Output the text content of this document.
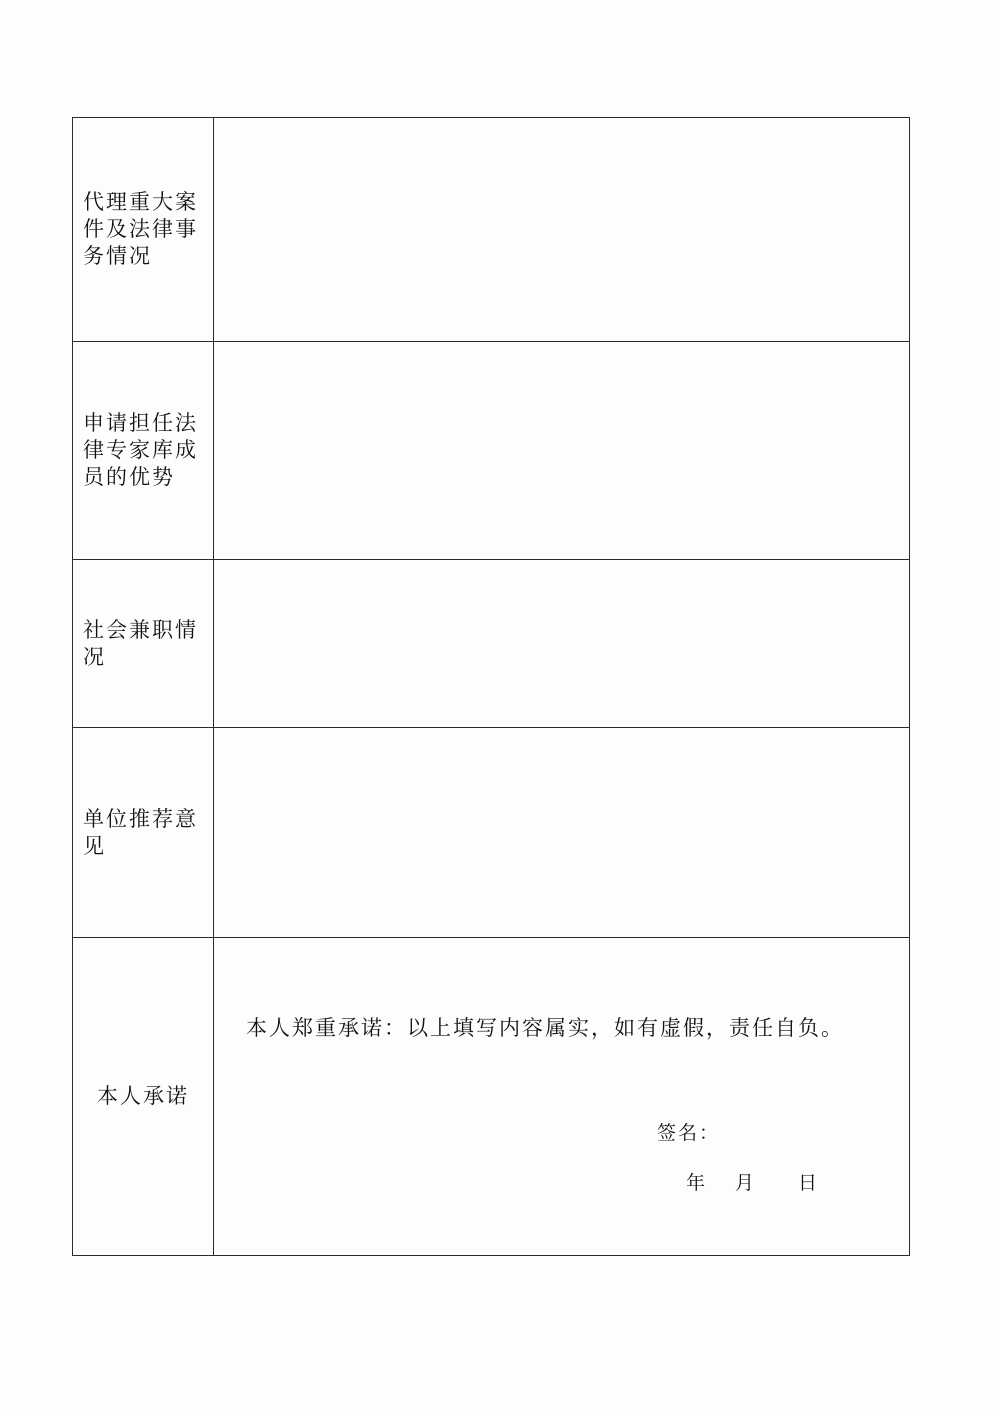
代理重大案件及法律事务情况	

申请担任法律专家库成员的优势	

社会兼职情　　况	

单位推荐意　　见	

本人承诺	本人郑重承诺：以上填写内容属实，如有虚假，责任自负。
签名：
年 月 日
